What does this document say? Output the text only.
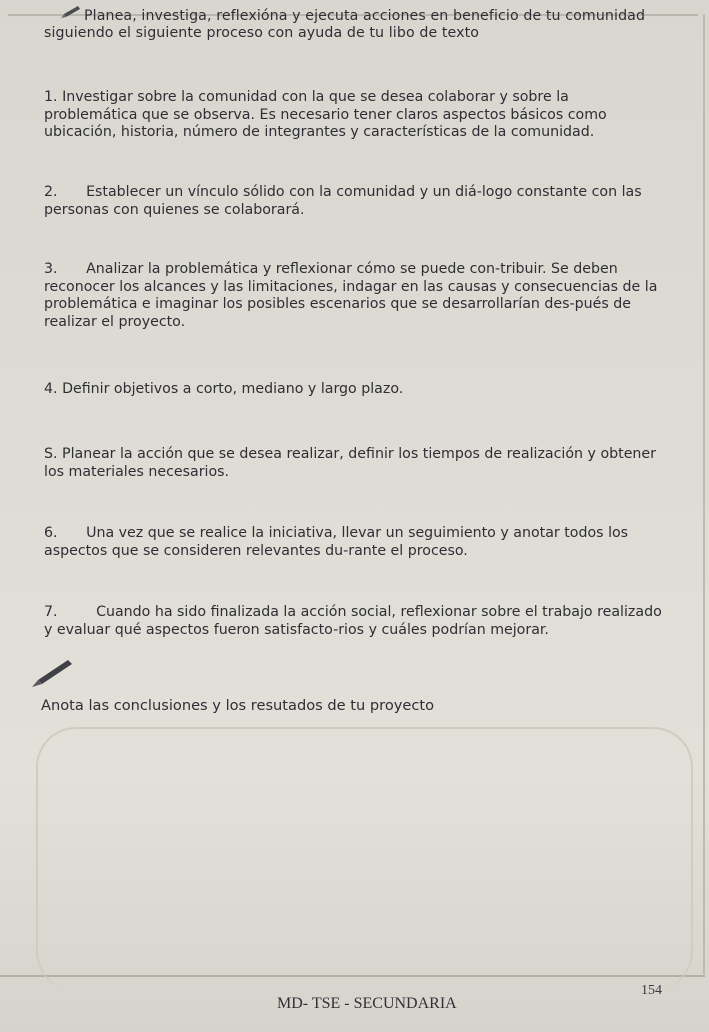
Planea, investiga, reflexióna y ejecuta acciones en beneficio de tu comunidad
siguiendo el siguiente proceso con ayuda de tu libo de texto
1. Investigar sobre la comunidad con la que se desea colaborar y sobre la problemática que se observa. Es necesario tener claros aspectos básicos como ubicación, historia, número de integrantes y características de la comunidad.
2. Establecer un vínculo sólido con la comunidad y un diá-logo constante con las personas con quienes se colaborará.
3. Analizar la problemática y reflexionar cómo se puede con-tribuir. Se deben reconocer los alcances y las limitaciones, indagar en las causas y consecuencias de la problemática e imaginar los posibles escenarios que se desarrollarían des-pués de realizar el proyecto.
4. Definir objetivos a corto, mediano y largo plazo.
S. Planear la acción que se desea realizar, definir los tiempos de realización y obtener los materiales necesarios.
6. Una vez que se realice la iniciativa, llevar un seguimiento y anotar todos los aspectos que se consideren relevantes du-rante el proceso.
7.	Cuando ha sido finalizada la acción social, reflexionar sobre el trabajo realizado y evaluar qué aspectos fueron satisfacto-rios y cuáles podrían mejorar.
Anota las conclusiones y los resutados de tu proyecto
154
MD- TSE - SECUNDARIA
